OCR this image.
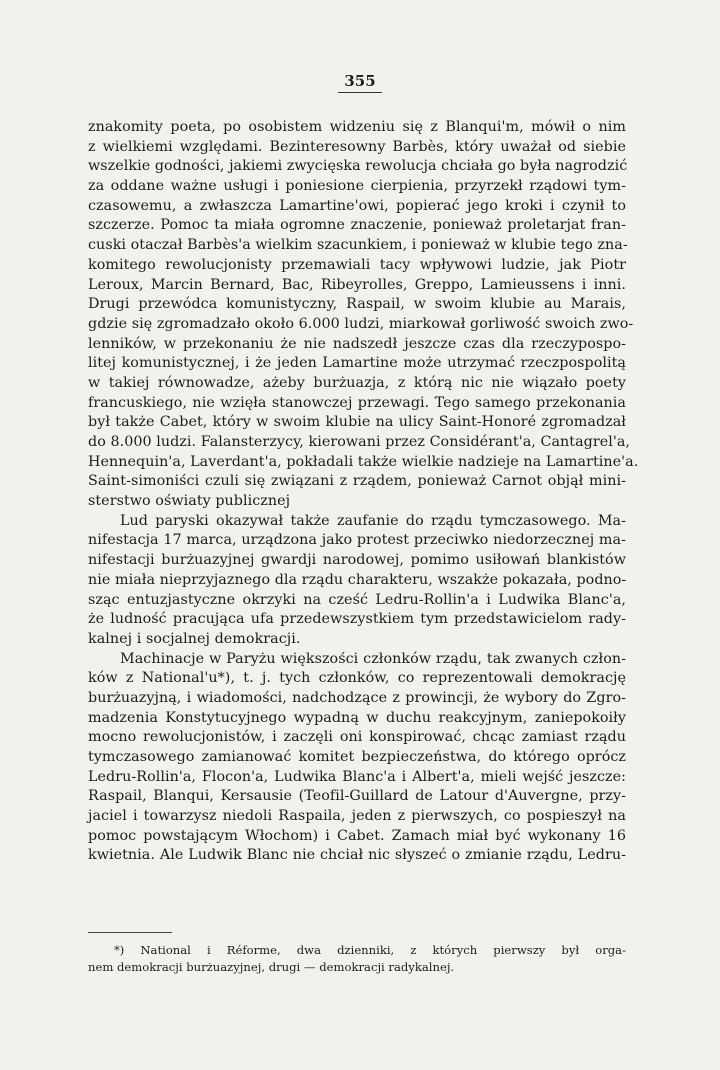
355
znakomity poeta, po osobistem widzeniu się z Blanqui'm, mówił o nim
z wielkiemi względami. Bezinteresowny Barbès, który uważał od siebie
wszelkie godności, jakiemi zwycięska rewolucja chciała go była nagrodzić
za oddane ważne usługi i poniesione cierpienia, przyrzekł rządowi tym-
czasowemu, a zwłaszcza Lamartine'owi, popierać jego kroki i czynił to
szczerze. Pomoc ta miała ogromne znaczenie, ponieważ proletarjat fran-
cuski otaczał Barbès'a wielkim szacunkiem, i ponieważ w klubie tego zna-
komitego rewolucjonisty przemawiali tacy wpływowi ludzie, jak Piotr
Leroux, Marcin Bernard, Bac, Ribeyrolles, Greppo, Lamieussens i inni.
Drugi przewódca komunistyczny, Raspail, w swoim klubie au Marais,
gdzie się zgromadzało około 6.000 ludzi, miarkował gorliwość swoich zwo-
lenników, w przekonaniu że nie nadszedł jeszcze czas dla rzeczypospo-
litej komunistycznej, i że jeden Lamartine może utrzymać rzeczpospolitą
w takiej równowadze, ażeby burżuazja, z którą nic nie wiązało poety
francuskiego, nie wzięła stanowczej przewagi. Tego samego przekonania
był także Cabet, który w swoim klubie na ulicy Saint-Honoré zgromadzał
do 8.000 ludzi. Falansterzycy, kierowani przez Considérant'a, Cantagrel'a,
Hennequin'a, Laverdant'a, pokładali także wielkie nadzieje na Lamartine'a.
Saint-simoniści czuli się związani z rządem, ponieważ Carnot objął mini-
sterstwo oświaty publicznej
Lud paryski okazywał także zaufanie do rządu tymczasowego. Ma-
nifestacja 17 marca, urządzona jako protest przeciwko niedorzecznej ma-
nifestacji burżuazyjnej gwardji narodowej, pomimo usiłowań blankistów
nie miała nieprzyjaznego dla rządu charakteru, wszakże pokazała, podno-
sząc entuzjastyczne okrzyki na cześć Ledru-Rollin'a i Ludwika Blanc'a,
że ludność pracująca ufa przedewszystkiem tym przedstawicielom rady-
kalnej i socjalnej demokracji.
Machinacje w Paryżu większości członków rządu, tak zwanych człon-
ków z National'u*), t. j. tych członków, co reprezentowali demokrację
burżuazyjną, i wiadomości, nadchodzące z prowincji, że wybory do Zgro-
madzenia Konstytucyjnego wypadną w duchu reakcyjnym, zaniepokoiły
mocno rewolucjonistów, i zaczęli oni konspirować, chcąc zamiast rządu
tymczasowego zamianować komitet bezpieczeństwa, do którego oprócz
Ledru-Rollin'a, Flocon'a, Ludwika Blanc'a i Albert'a, mieli wejść jeszcze:
Raspail, Blanqui, Kersausie (Teofil-Guillard de Latour d'Auvergne, przy-
jaciel i towarzysz niedoli Raspaila, jeden z pierwszych, co pospieszył na
pomoc powstającym Włochom) i Cabet. Zamach miał być wykonany 16
kwietnia. Ale Ludwik Blanc nie chciał nic słyszeć o zmianie rządu, Ledru-
*) National i Réforme, dwa dzienniki, z których pierwszy był orga-
nem demokracji burżuazyjnej, drugi — demokracji radykalnej.
